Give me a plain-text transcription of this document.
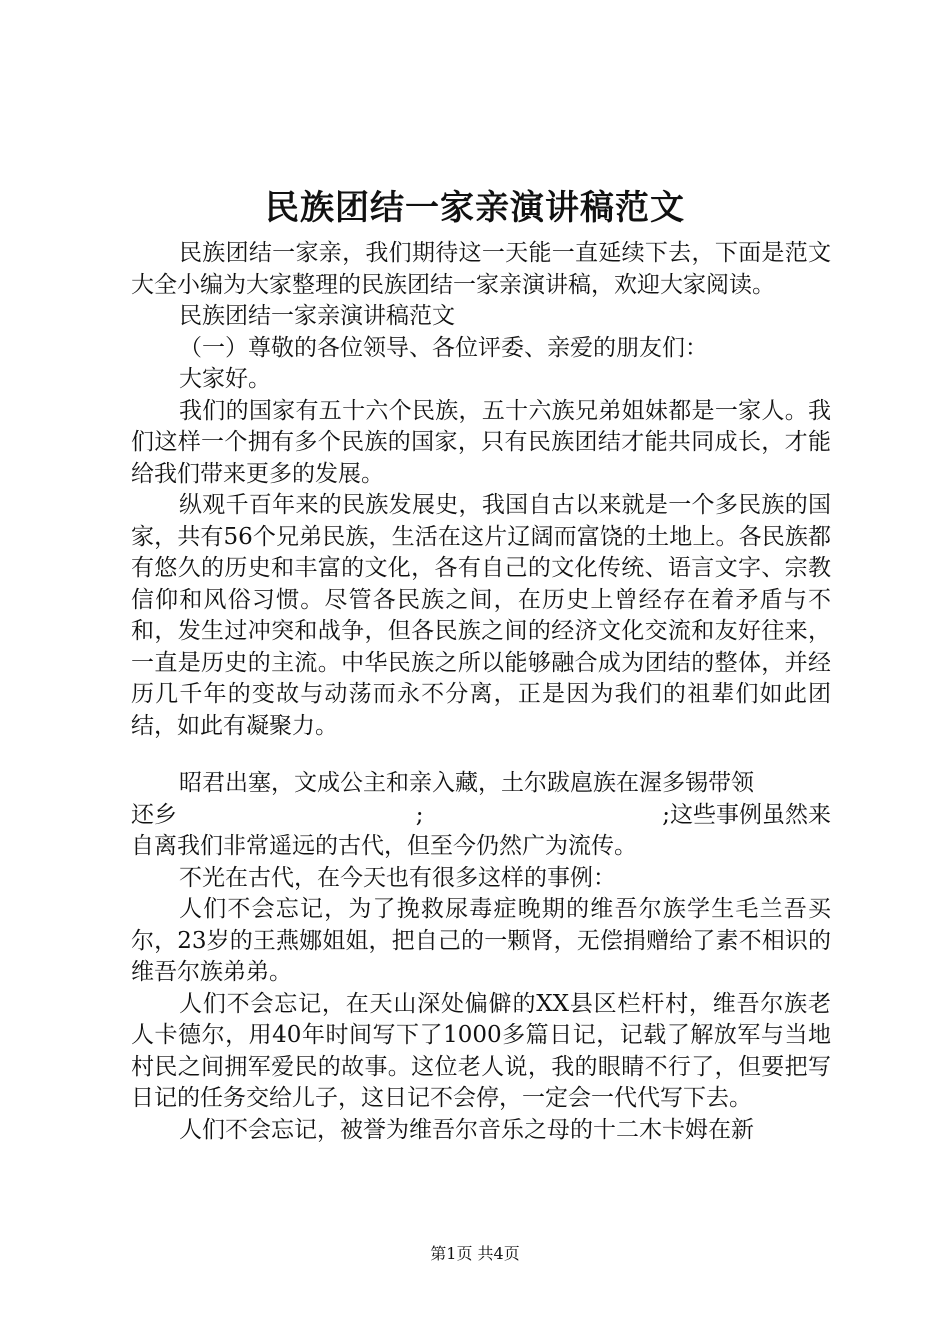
民族团结一家亲演讲稿范文

民族团结一家亲，我们期待这一天能一直延续下去，下面是范文大全小编为大家整理的民族团结一家亲演讲稿，欢迎大家阅读。

民族团结一家亲演讲稿范文

（一）尊敬的各位领导、各位评委、亲爱的朋友们：

大家好。

我们的国家有五十六个民族，五十六族兄弟姐妹都是一家人。我们这样一个拥有多个民族的国家，只有民族团结才能共同成长，才能给我们带来更多的发展。

纵观千百年来的民族发展史，我国自古以来就是一个多民族的国家，共有56个兄弟民族，生活在这片辽阔而富饶的土地上。各民族都有悠久的历史和丰富的文化，各有自己的文化传统、语言文字、宗教信仰和风俗习惯。尽管各民族之间，在历史上曾经存在着矛盾与不和，发生过冲突和战争，但各民族之间的经济文化交流和友好往来，一直是历史的主流。中华民族之所以能够融合成为团结的整体，并经历几千年的变故与动荡而永不分离，正是因为我们的祖辈们如此团结，如此有凝聚力。

昭君出塞，文成公主和亲入藏，土尔跋扈族在渥多锡带领

还乡	;	;这些事例虽然来

自离我们非常遥远的古代，但至今仍然广为流传。

不光在古代，在今天也有很多这样的事例：

人们不会忘记，为了挽救尿毒症晚期的维吾尔族学生毛兰吾买尔，23岁的王燕娜姐姐，把自己的一颗肾，无偿捐赠给了素不相识的维吾尔族弟弟。

人们不会忘记，在天山深处偏僻的XX县区栏杆村，维吾尔族老人卡德尔，用40年时间写下了1000多篇日记，记载了解放军与当地村民之间拥军爱民的故事。这位老人说，我的眼睛不行了，但要把写日记的任务交给儿子，这日记不会停，一定会一代代写下去。

人们不会忘记，被誉为维吾尔音乐之母的十二木卡姆在新

第1页 共4页
